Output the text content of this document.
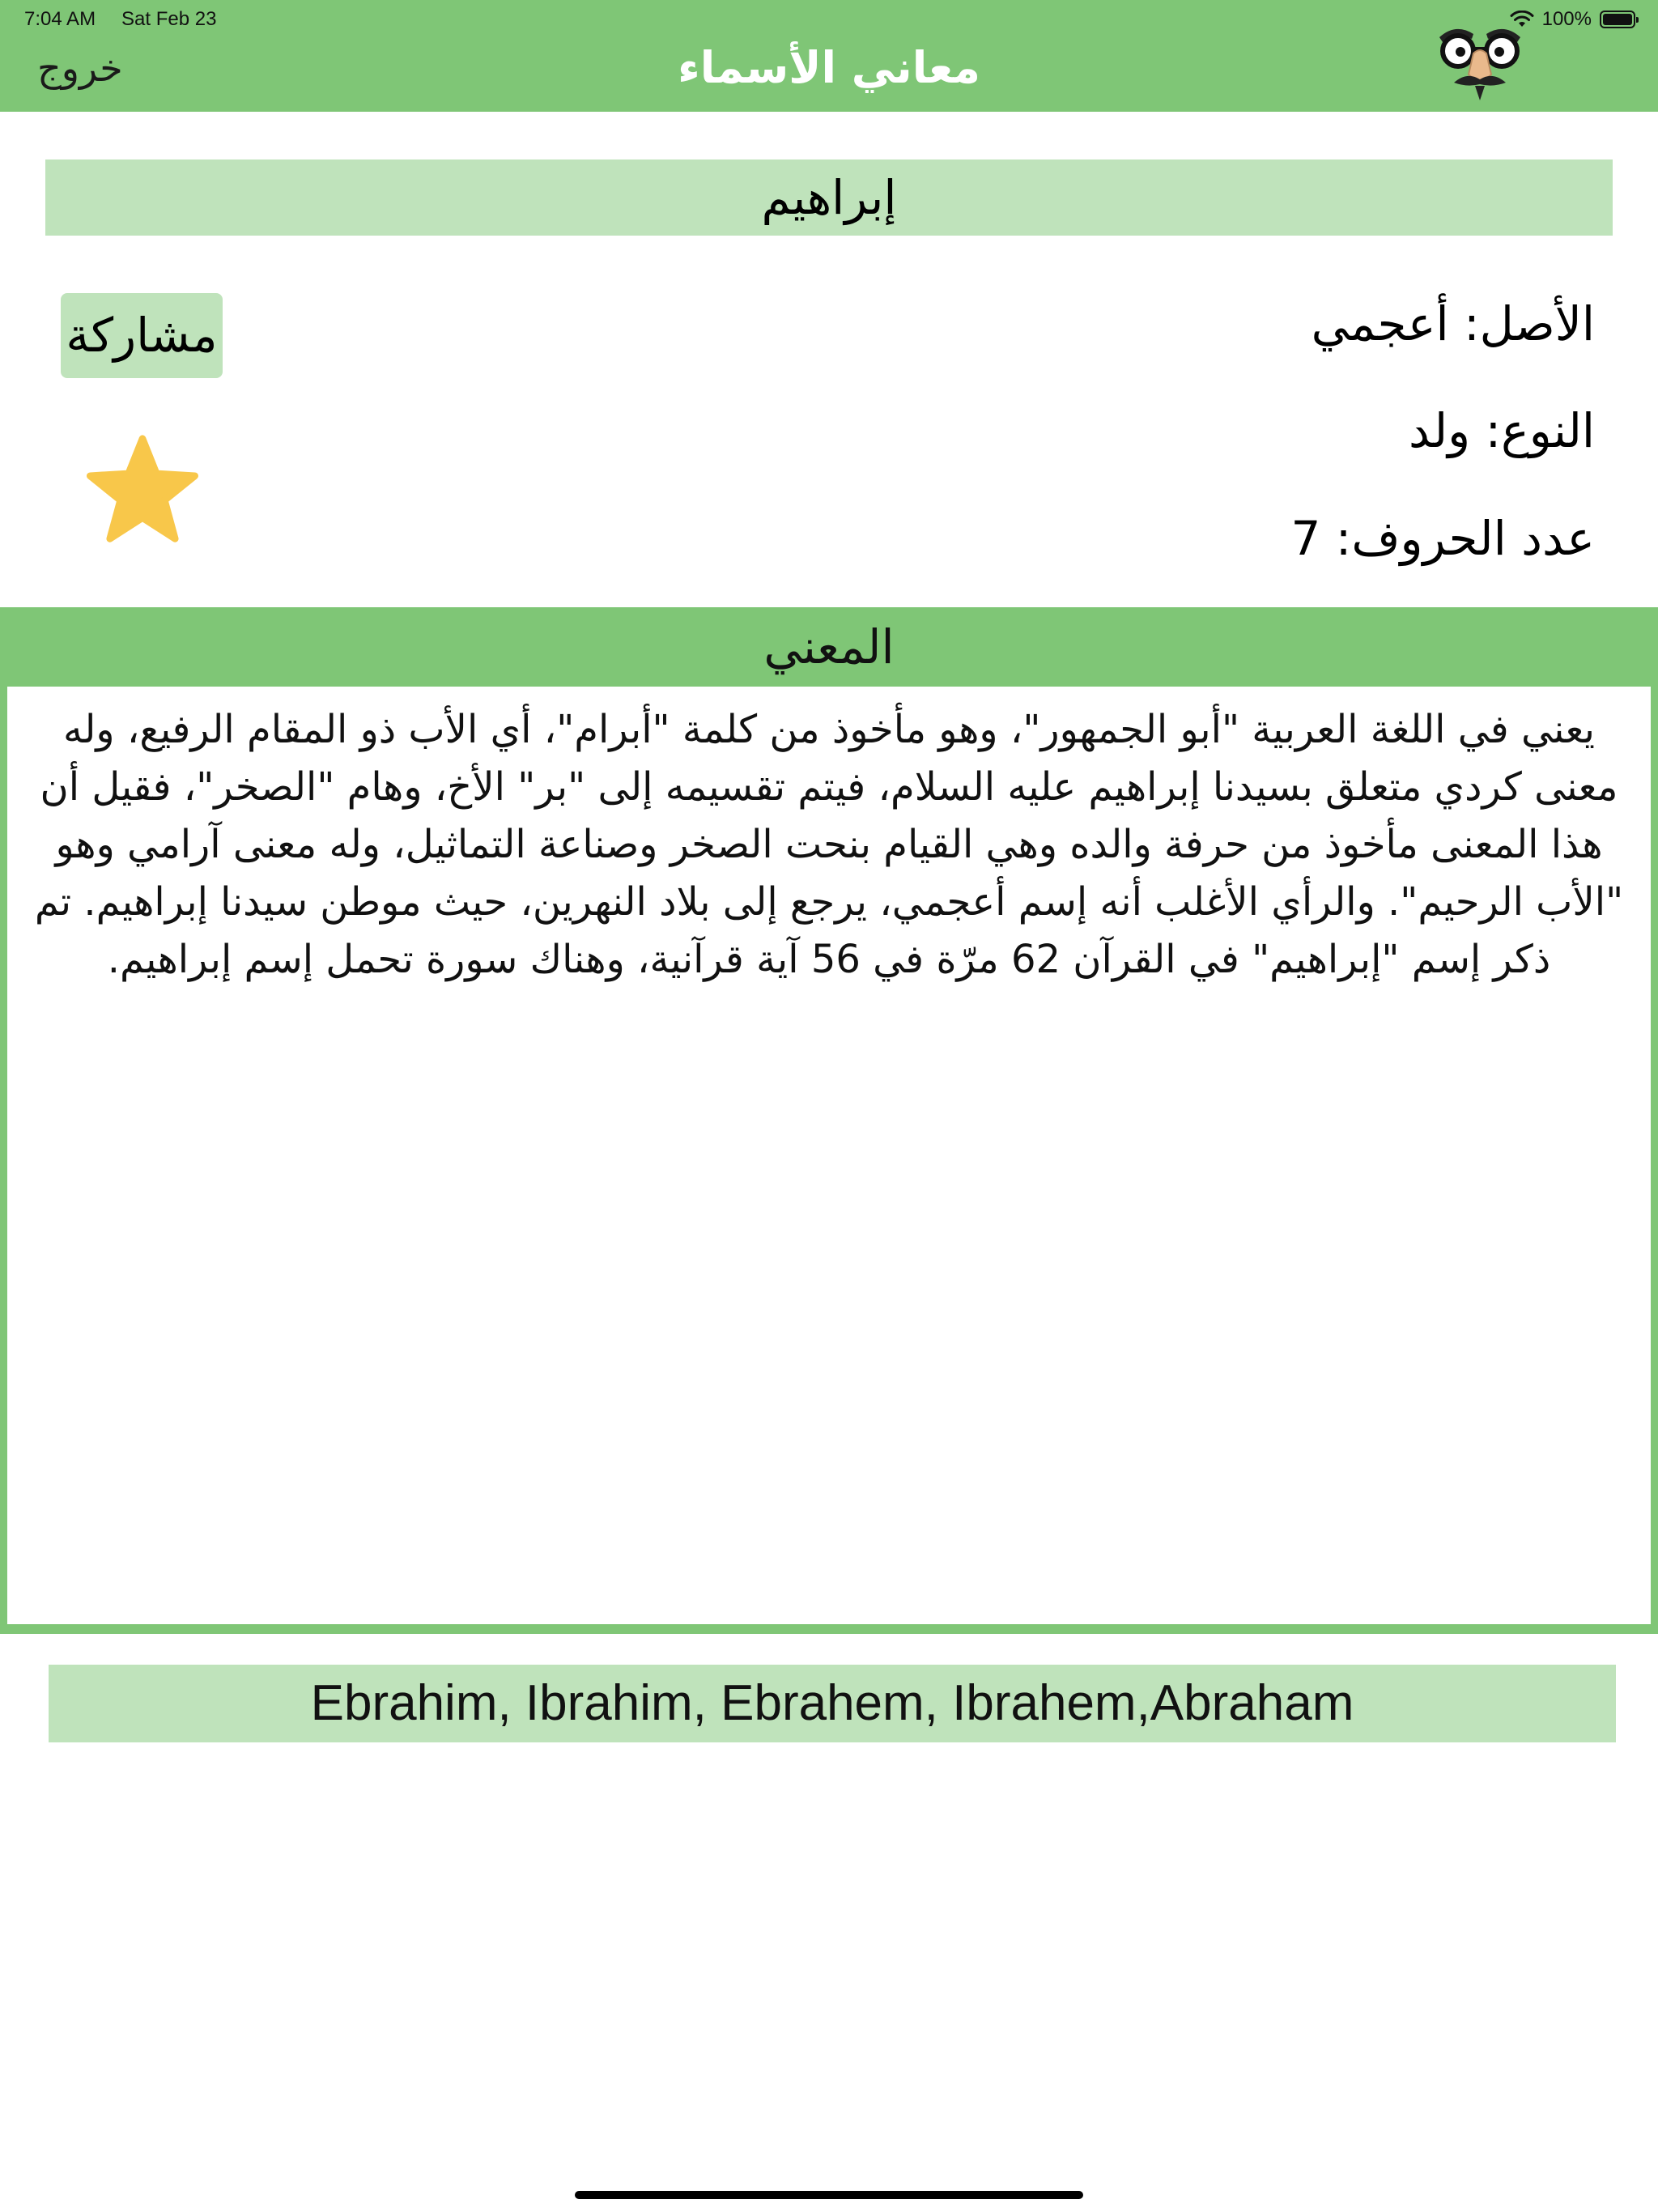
7:04 AM Sat Feb 23	100%
خروج	معاني الأسماء
إبراهيم
مشاركة	الأصل: أعجمي
النوع: ولد
عدد الحروف: 7
المعني
يعني في اللغة العربية "أبو الجمهور"، وهو مأخوذ من كلمة "أبرام"، أي الأب ذو المقام الرفيع، وله معنى كردي متعلق بسيدنا إبراهيم عليه السلام، فيتم تقسيمه إلى "بر" الأخ، وهام "الصخر"، فقيل أن هذا المعنى مأخوذ من حرفة والده وهي القيام بنحت الصخر وصناعة التماثيل، وله معنى آرامي وهو "الأب الرحيم". والرأي الأغلب أنه إسم أعجمي، يرجع إلى بلاد النهرين، حيث موطن سيدنا إبراهيم. تم ذكر إسم "إبراهيم" في القرآن 62 مرّة في 56 آية قرآنية، وهناك سورة تحمل إسم إبراهيم.
Ebrahim, Ibrahim, Ebrahem, Ibrahem,Abraham
